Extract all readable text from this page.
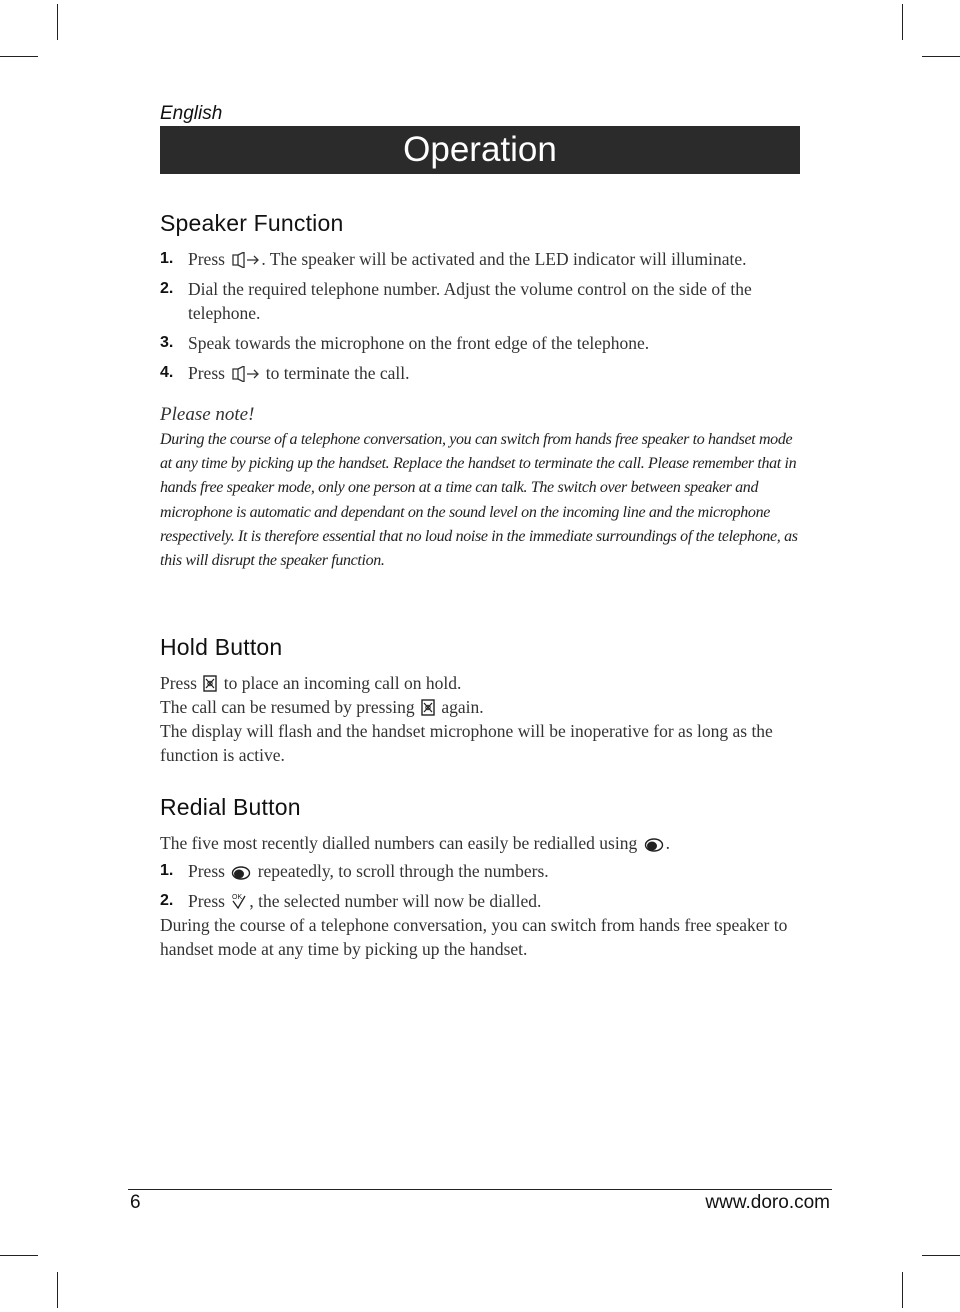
English
Operation
Speaker Function
1. Press . The speaker will be activated and the LED indicator will illuminate.
2. Dial the required telephone number. Adjust the volume control on the side of the telephone.
3. Speak towards the microphone on the front edge of the telephone.
4. Press to terminate the call.
Please note!
During the course of a telephone conversation, you can switch from hands free speaker to handset mode at any time by picking up the handset. Replace the handset to terminate the call. Please remember that in hands free speaker mode, only one person at a time can talk. The switch over between speaker and microphone is automatic and dependant on the sound level on the incoming line and the microphone respectively. It is therefore essential that no loud noise in the immediate surroundings of the telephone, as this will disrupt the speaker function.
Hold Button

Press to place an incoming call on hold.

The call can be resumed by pressing again.

The display will flash and the handset microphone will be inoperative for as long as the function is active.

Redial Button

The five most recently dialled numbers can easily be redialled using .

1. Press repeatedly, to scroll through the numbers.
2. Press OK , the selected number will now be dialled.

During the course of a telephone conversation, you can switch from hands free speaker to handset mode at any time by picking up the handset.

6	www.doro.com
